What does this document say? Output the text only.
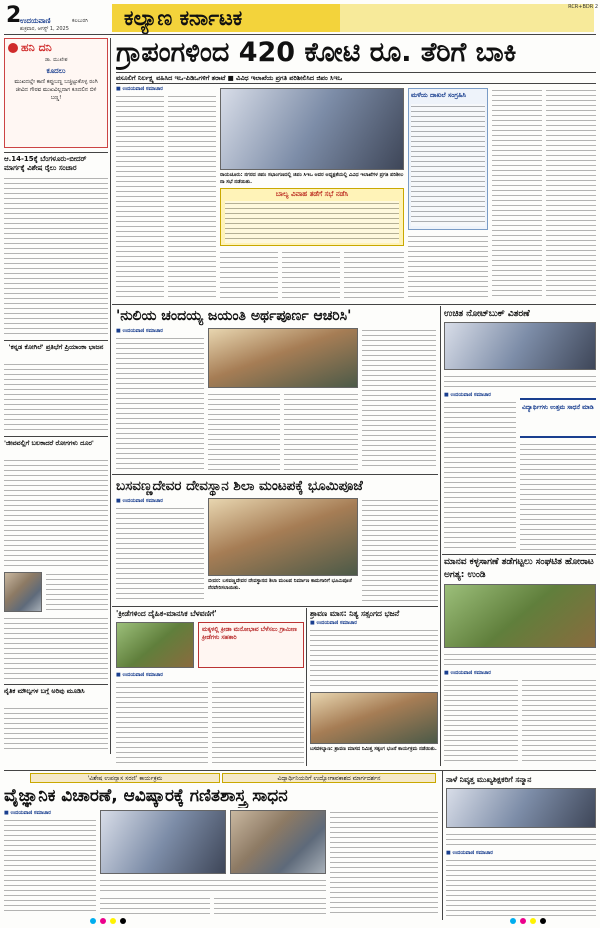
2
ಉದಯವಾಣಿ	ಕಲಬುರಗಿ
ಶುಕ್ರವಾರ, ಆಗಸ್ಟ್ 1, 2025	ಕಲ್ಯಾಣ ಕರ್ನಾಟಕ	RCR+BDR 2
ಹನಿ ದನಿ
ಡಾ. ಮುಖೇಶ
ಕೂದಲು
ಮುಖದಲ್ಲೇ ಕಾಣಿ ಕಪ್ಪುಬಣ್ಣ ಬಚ್ಚಿಟ್ಟುಕೊಳ್ಳ ರಂಗಿ ಜೀವಿದ ಗೌರವ ಮುಖವಿಲ್ಲದಾಗ ಕೂದಲಿನ ಬಿಳಿ ಬಣ್ಣ!
ಆ.14-15ಕ್ಕೆ ಬೆಂಗಳೂರು-ಬೀದರ್ ಮಾರ್ಗಕ್ಕೆ ವಿಶೇಷ ರೈಲು ಸಂಚಾರ
'ಕನ್ನಡ ಕೋಗಿಲೆ' ಪ್ರತಿಭೆಗೆ ಪ್ರಿಯಾಂಕಾ ಭಾಜನ
'ಜೀವವಲ್ಲಿಗೆ ಬಲಕಾದರೆ ರೋಗಗಳು ದೂರ'
ನೈತಿಕ ಮೌಲ್ಯಗಳ ಬಗ್ಗೆ ಅರಿವು ಮೂಡಿಸಿ
ಗ್ರಾಪಂಗಳಿಂದ 420 ಕೋಟಿ ರೂ. ತೆರಿಗೆ ಬಾಕಿ
ವಸೂಲಿಗೆ ನಿರ್ಲಕ್ಷ್ಯ ವಹಿಸಿದ ಇಒ-ಪಿಡಿಒಗಳಿಗೆ ತರಾಟೆ ■ ವಿವಿಧ ಇಲಾಖೆಯ ಪ್ರಗತಿ ಪರಿಶೀಲಿಸಿದ ಜಿಪಂ ಸಿಇಒ
■ ಉದಯವಾಣಿ ಸಮಾಚಾರ
ರಾಯಚೂರು: ನಗರದ ಜಿಪಂ ಸಭಾಂಗಣದಲ್ಲಿ ಜಿಪಂ ಸಿಇಒ ಅವರ ಅಧ್ಯಕ್ಷತೆಯಲ್ಲಿ ವಿವಿಧ ಇಲಾಖೆಗಳ ಪ್ರಗತಿ ಪರಿಶೀಲನಾ ಸಭೆ ನಡೆಯಿತು.
ಬಾಲ್ಯ ವಿವಾಹ ತಡೆಗೆ ಸಭೆ ನಡೆಸಿ
ಮಳೆಯ ದಾಖಲೆ ಸಂಗ್ರಹಿಸಿ
'ನುಲಿಯ ಚಂದಯ್ಯ ಜಯಂತಿ ಅರ್ಥಪೂರ್ಣ ಆಚರಿಸಿ'
■ ಉದಯವಾಣಿ ಸಮಾಚಾರ
ಉಚಿತ ನೋಟ್‌ಬುಕ್ ವಿತರಣೆ
■ ಉದಯವಾಣಿ ಸಮಾಚಾರ
ವಿದ್ಯಾರ್ಥಿಗಳು ಉತ್ತಮ ಸಾಧನೆ ಮಾಡಿ
ಬಸವಣ್ಣದೇವರ ದೇವಸ್ಥಾನ ಶಿಲಾ ಮಂಟಪಕ್ಕೆ ಭೂಮಿಪೂಜೆ
■ ಉದಯವಾಣಿ ಸಮಾಚಾರ
ಬೀದರ: ಬಸವಣ್ಣದೇವರ ದೇವಸ್ಥಾನದ ಶಿಲಾ ಮಂಟಪ ನಿರ್ಮಾಣ ಕಾಮಗಾರಿಗೆ ಭೂಮಿಪೂಜೆ ನೆರವೇರಿಸಲಾಯಿತು.
ಮಾನವ ಕಳ್ಳಸಾಗಣೆ ತಡೆಗಟ್ಟಲು ಸಂಘಟಿತ ಹೋರಾಟ ಅಗತ್ಯ: ಉಂಡಿ
■ ಉದಯವಾಣಿ ಸಮಾಚಾರ
'ಕ್ರೀಡೆಗಳಿಂದ ದೈಹಿಕ-ಮಾನಸಿಕ ಬೆಳವಣಿಗೆ'
ಮಕ್ಕಳಲ್ಲಿ ಕ್ರೀಡಾ ಮನೋಭಾವ ಬೆಳೆಸಲು ಗ್ರಾಮೀಣ ಕ್ರೀಡೆಗಳು ಸಹಕಾರಿ
■ ಉದಯವಾಣಿ ಸಮಾಚಾರ
ಶ್ರಾವಣ ಮಾಸ: ನಿತ್ಯ ಸತ್ಸಂಗದ ಭಜನೆ
■ ಉದಯವಾಣಿ ಸಮಾಚಾರ
ಬಸವಕಲ್ಯಾಣ: ಶ್ರಾವಣ ಮಾಸದ ನಿಮಿತ್ತ ಸತ್ಸಂಗ ಭಜನೆ ಕಾರ್ಯಕ್ರಮ ನಡೆಯಿತು.
'ವಿಶೇಷ ಉಪನ್ಯಾಸ ಸರಣಿ' ಕಾರ್ಯಕ್ರಮ	ವಿದ್ಯಾರ್ಥಿನಿಯರಿಗೆ ಉದ್ಯೋಗಾವಕಾಶದ ಮಾರ್ಗದರ್ಶನ
ವೈಜ್ಞಾನಿಕ ವಿಚಾರಣೆ, ಆವಿಷ್ಕಾರಕ್ಕೆ ಗಣಿತಶಾಸ್ತ್ರ ಸಾಧನ
■ ಉದಯವಾಣಿ ಸಮಾಚಾರ
ನಾಳೆ ನಿವೃತ್ತ ಮುಖ್ಯಶಿಕ್ಷಕರಿಗೆ ಸನ್ಮಾನ
■ ಉದಯವಾಣಿ ಸಮಾಚಾರ
